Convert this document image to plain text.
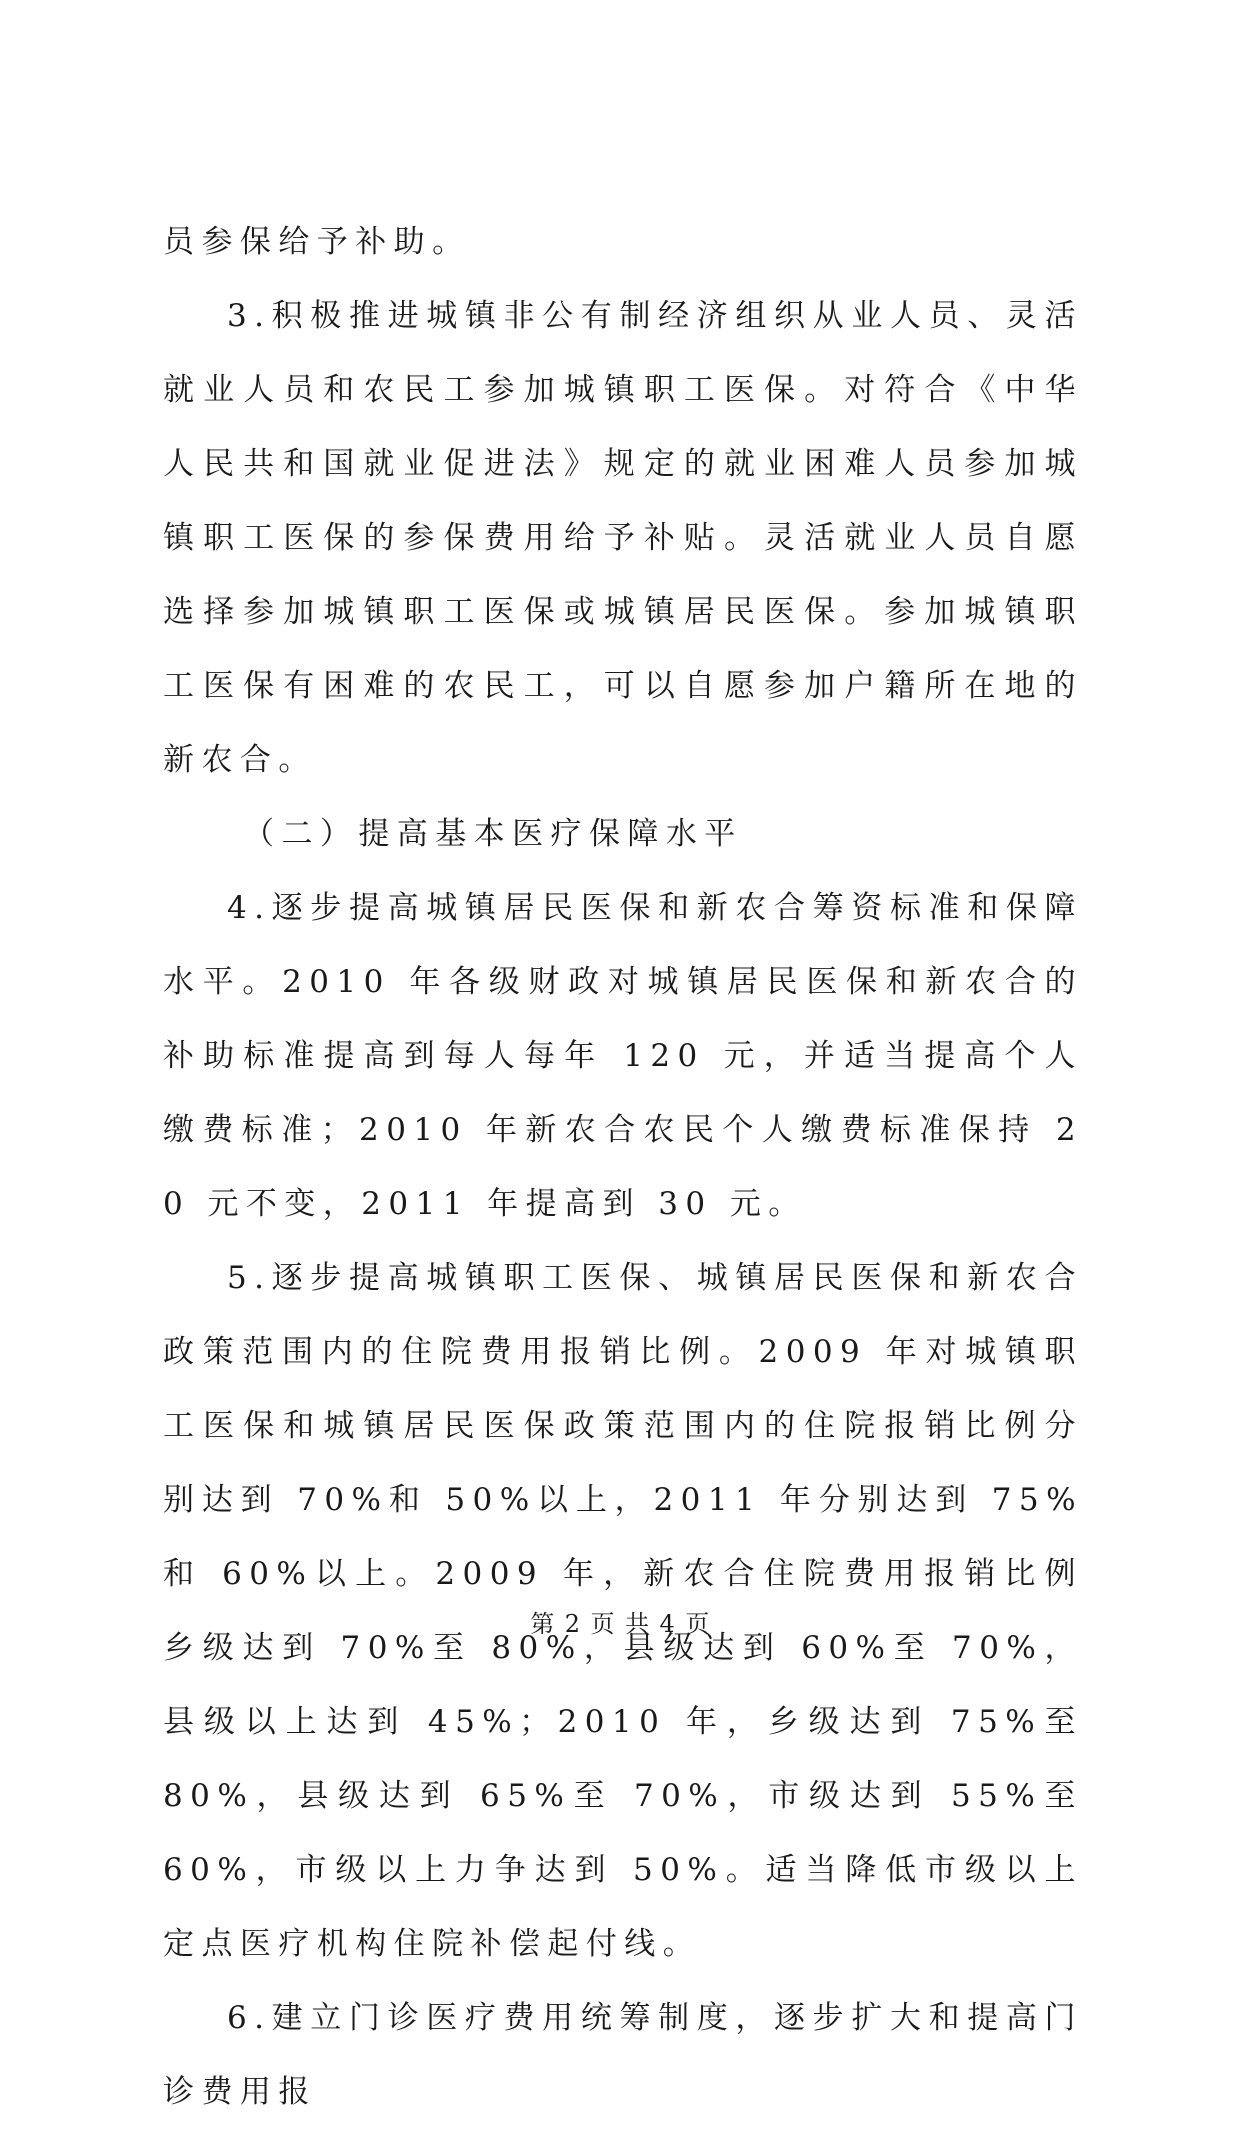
员参保给予补助。

3.积极推进城镇非公有制经济组织从业人员、灵活就业人员和农民工参加城镇职工医保。对符合《中华人民共和国就业促进法》规定的就业困难人员参加城镇职工医保的参保费用给予补贴。灵活就业人员自愿选择参加城镇职工医保或城镇居民医保。参加城镇职工医保有困难的农民工，可以自愿参加户籍所在地的新农合。

（二）提高基本医疗保障水平

4.逐步提高城镇居民医保和新农合筹资标准和保障水平。2010 年各级财政对城镇居民医保和新农合的补助标准提高到每人每年 120 元，并适当提高个人缴费标准；2010 年新农合农民个人缴费标准保持 20 元不变，2011 年提高到 30 元。

5.逐步提高城镇职工医保、城镇居民医保和新农合政策范围内的住院费用报销比例。2009 年对城镇职工医保和城镇居民医保政策范围内的住院报销比例分别达到 70%和 50%以上，2011 年分别达到 75%和 60%以上。2009 年，新农合住院费用报销比例乡级达到 70%至 80%，县级达到 60%至 70%，县级以上达到 45%；2010 年，乡级达到 75%至 80%，县级达到 65%至 70%，市级达到 55%至 60%，市级以上力争达到 50%。适当降低市级以上定点医疗机构住院补偿起付线。

6.建立门诊医疗费用统筹制度，逐步扩大和提高门诊费用报

第 2 页 共 4 页
